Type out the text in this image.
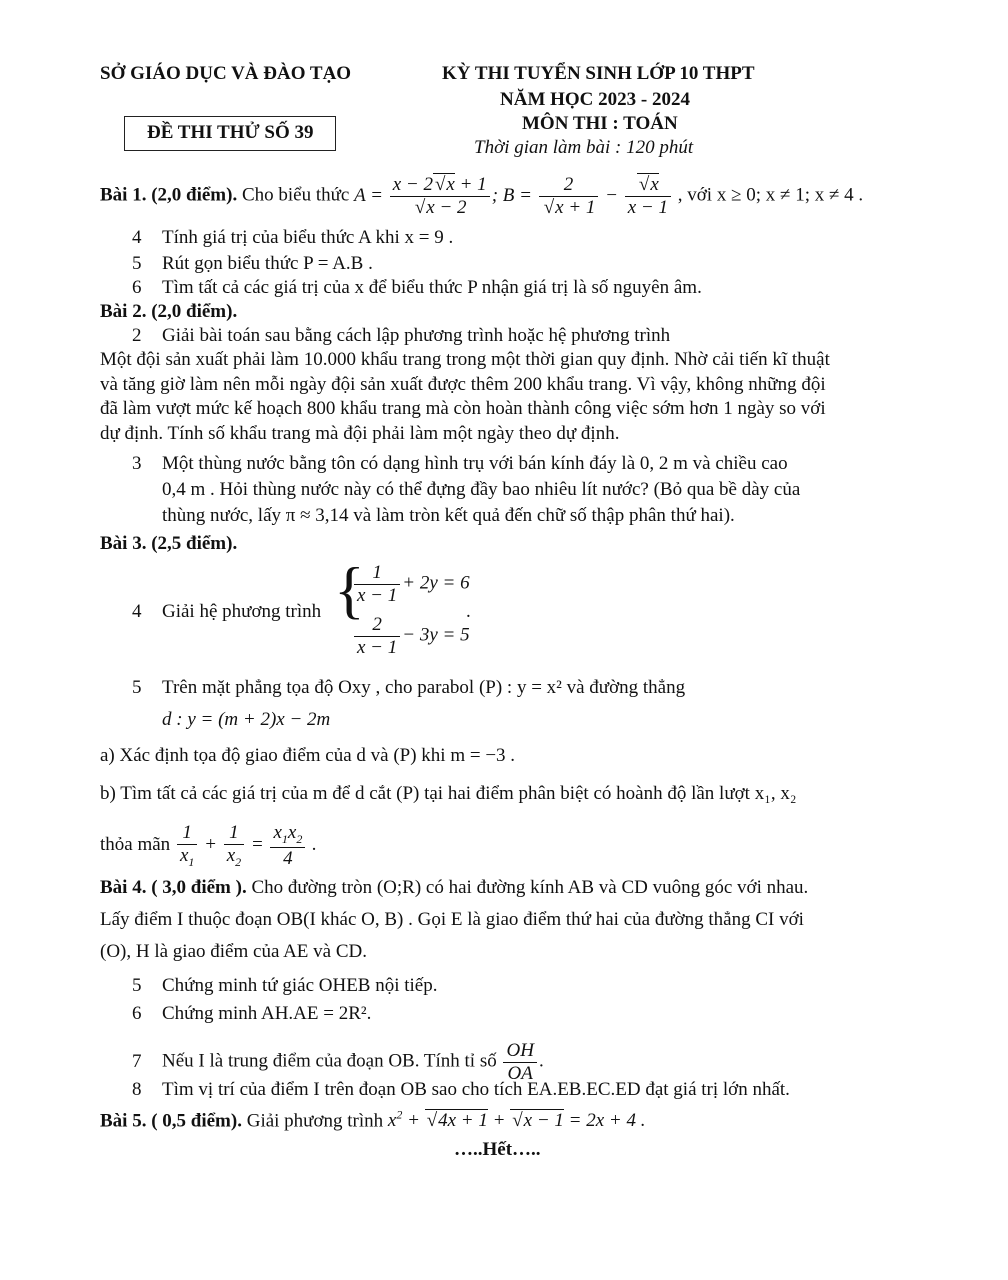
SỞ GIÁO DỤC VÀ ĐÀO TẠO	KỲ THI TUYỂN SINH LỚP 10 THPT
NĂM HỌC 2023 - 2024
MÔN THI : TOÁN
Thời gian làm bài : 120 phút
ĐỀ THI THỬ SỐ 39
Bài 1. (2,0 điểm). Cho biểu thức A = x − 2 √ x + 1
√ x − 2 ; B = 2
√ x + 1 − √ $\frac{x}{x - 1}$ , với x ≥ 0; x ≠ 1; x ≠ 4 .
4 Tính giá trị của biểu thức A khi x = 9 .
5 Rút gọn biểu thức P = A.B .
6 Tìm tất cả các giá trị của x để biểu thức P nhận giá trị là số nguyên âm.
Bài 2. (2,0 điểm).
2 Giải bài toán sau bằng cách lập phương trình hoặc hệ phương trình
Một đội sản xuất phải làm 10.000 khẩu trang trong một thời gian quy định. Nhờ cải tiến kĩ thuật
và tăng giờ làm nên mỗi ngày đội sản xuất được thêm 200 khẩu trang. Vì vậy, không những đội
đã làm vượt mức kế hoạch 800 khẩu trang mà còn hoàn thành công việc sớm hơn 1 ngày so với
dự định. Tính số khẩu trang mà đội phải làm một ngày theo dự định.
3 Một thùng nước bằng tôn có dạng hình trụ với bán kính đáy là 0, 2 m và chiều cao
0,4 m . Hỏi thùng nước này có thể đựng đầy bao nhiêu lít nước? (Bỏ qua bề dày của
thùng nước, lấy π ≈ 3,14 và làm tròn kết quả đến chữ số thập phân thứ hai).
Bài 3. (2,5 điểm).
4 Giải hệ phương trình {
$\frac{1}{x - 1} + 2y = 6$
$\frac{2}{x - 1} - 3y = 5$
.
5 Trên mặt phẳng tọa độ Oxy , cho parabol (P) : y = x² và đường thẳng
d : y = (m + 2)x − 2m
a) Xác định tọa độ giao điểm của d và (P) khi m = −3 .
b) Tìm tất cả các giá trị của m để d cắt (P) tại hai điểm phân biệt có hoành độ lần lượt x₁, x₂
thỏa mãn $\frac{1}{x_1} + \frac{1}{x_2} = \frac{x_1x_2}{4}$ .
Bài 4. ( 3,0 điểm ). Cho đường tròn (O;R) có hai đường kính AB và CD vuông góc với nhau.
Lấy điểm I thuộc đoạn OB(I khác O, B) . Gọi E là giao điểm thứ hai của đường thẳng CI với
(O), H là giao điểm của AE và CD.
5 Chứng minh tứ giác OHEB nội tiếp.
6 Chứng minh AH.AE = 2R².
7 Nếu I là trung điểm của đoạn OB. Tính tỉ số $\frac{OH}{OA}$ .
8 Tìm vị trí của điểm I trên đoạn OB sao cho tích EA.EB.EC.ED đạt giá trị lớn nhất.
Bài 5. ( 0,5 điểm). Giải phương trình $x^2$ + √ 4x + 1 + √ x − 1 = 2x + 4 .
…..Hết…..
